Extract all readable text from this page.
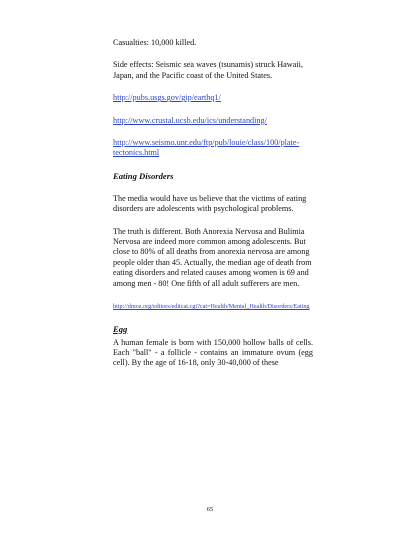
Casualties: 10,000 killed.

Side effects: Seismic sea waves (tsunamis) struck Hawaii, Japan, and the Pacific coast of the United States.

http://pubs.usgs.gov/gip/earthq1/

http://www.crustal.ucsb.edu/ics/understanding/

http://www.seismo.unr.edu/ftp/pub/louie/class/100/plate-tectonics.html

Eating Disorders

The media would have us believe that the victims of eating disorders are adolescents with psychological problems.

The truth is different. Both Anorexia Nervosa and Bulimia Nervosa are indeed more common among adolescents. But close to 80% of all deaths from anorexia nervosa are among people older than 45. Actually, the median age of death from eating disorders and related causes among women is 69 and among men - 80! One fifth of all adult sufferers are men.

http://dmoz.org/editors/editcat.cgi?cat=Health/Mental_Health/Disorders/Eating

Egg

A human female is born with 150,000 hollow balls of cells. Each "ball" - a follicle - contains an immature ovum (egg cell). By the age of 16-18, only 30-40,000 of these

65
